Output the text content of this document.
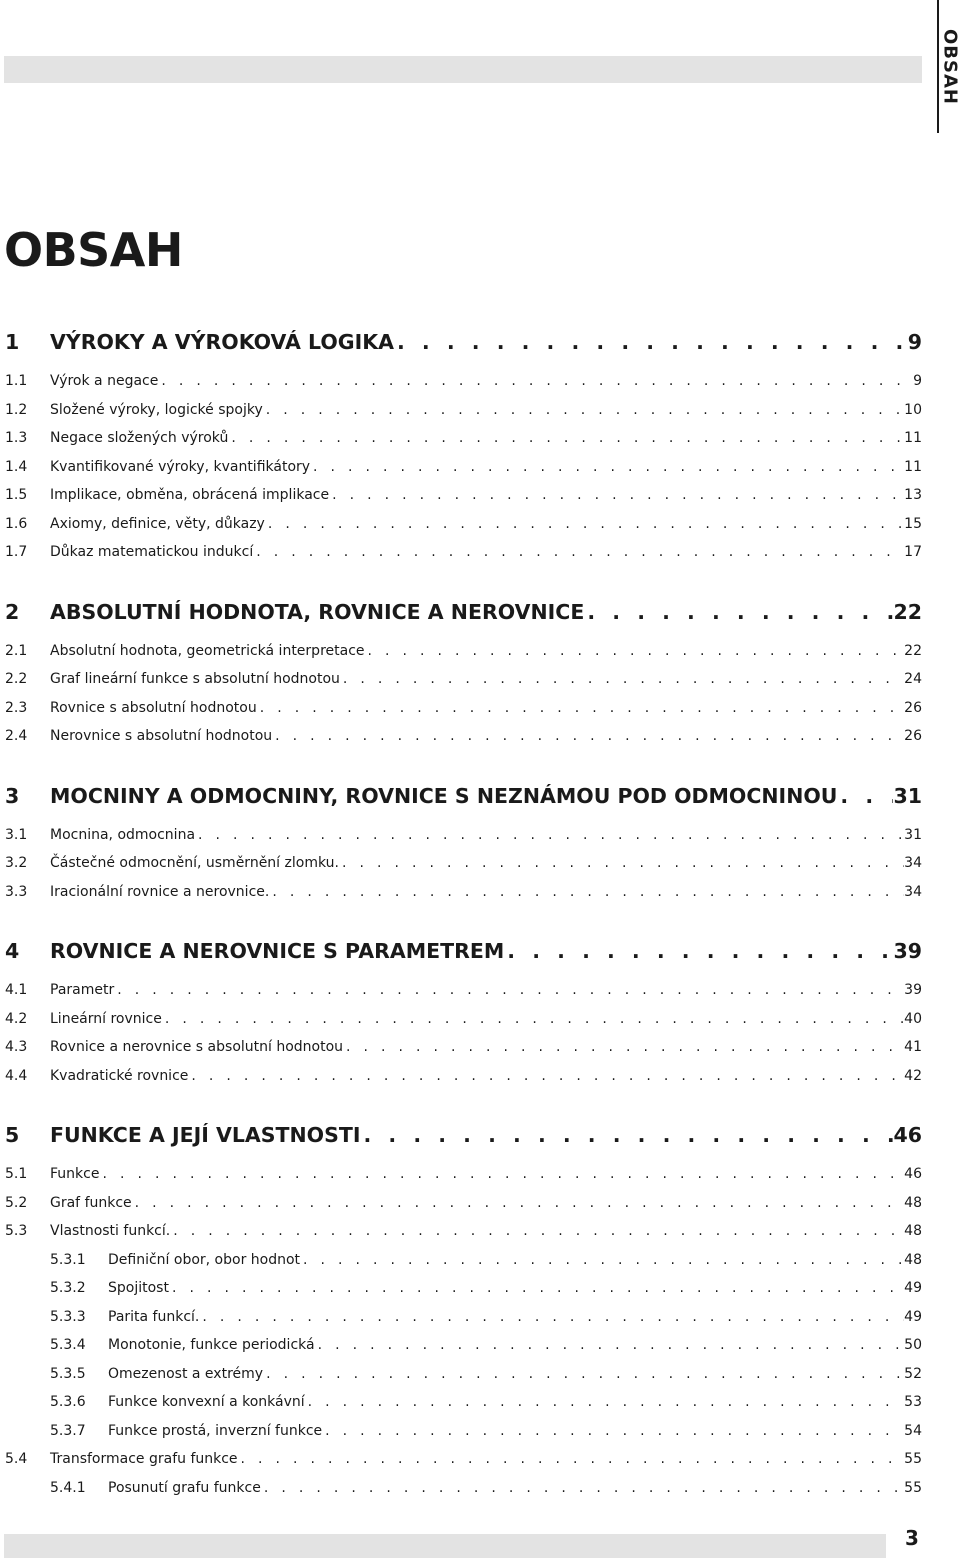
OBSAH
OBSAH
1	VÝROKY A VÝROKOVÁ LOGIKA . . .	9
1.1	Výrok a negace . . .	9
1.2	Složené výroky, logické spojky . . .	10
1.3	Negace složených výroků . . .	11
1.4	Kvantifikované výroky, kvantifikátory . . .	11
1.5	Implikace, obměna, obrácená implikace . . .	13
1.6	Axiomy, definice, věty, důkazy . . .	15
1.7	Důkaz matematickou indukcí . . .	17
2	ABSOLUTNÍ HODNOTA, ROVNICE A NEROVNICE . . .	22
2.1	Absolutní hodnota, geometrická interpretace . . .	22
2.2	Graf lineární funkce s absolutní hodnotou . . .	24
2.3	Rovnice s absolutní hodnotou . . .	26
2.4	Nerovnice s absolutní hodnotou . . .	26
3	MOCNINY A ODMOCNINY, ROVNICE S NEZNÁMOU POD ODMOCNINOU . . .	31
3.1	Mocnina, odmocnina . . .	31
3.2	Částečné odmocnění, usměrnění zlomku. . . .	34
3.3	Iracionální rovnice a nerovnice. . . .	34
4	ROVNICE A NEROVNICE S PARAMETREM . . .	39
4.1	Parametr . . .	39
4.2	Lineární rovnice . . .	40
4.3	Rovnice a nerovnice s absolutní hodnotou . . .	41
4.4	Kvadratické rovnice . . .	42
5	FUNKCE A JEJÍ VLASTNOSTI . . .	46
5.1	Funkce . . .	46
5.2	Graf funkce . . .	48
5.3	Vlastnosti funkcí. . . .	48
5.3.1	Definiční obor, obor hodnot . . .	48
5.3.2	Spojitost . . .	49
5.3.3	Parita funkcí. . . .	49
5.3.4	Monotonie, funkce periodická . . .	50
5.3.5	Omezenost a extrémy . . .	52
5.3.6	Funkce konvexní a konkávní . . .	53
5.3.7	Funkce prostá, inverzní funkce . . .	54
5.4	Transformace grafu funkce . . .	55
5.4.1	Posunutí grafu funkce . . .	55
3
